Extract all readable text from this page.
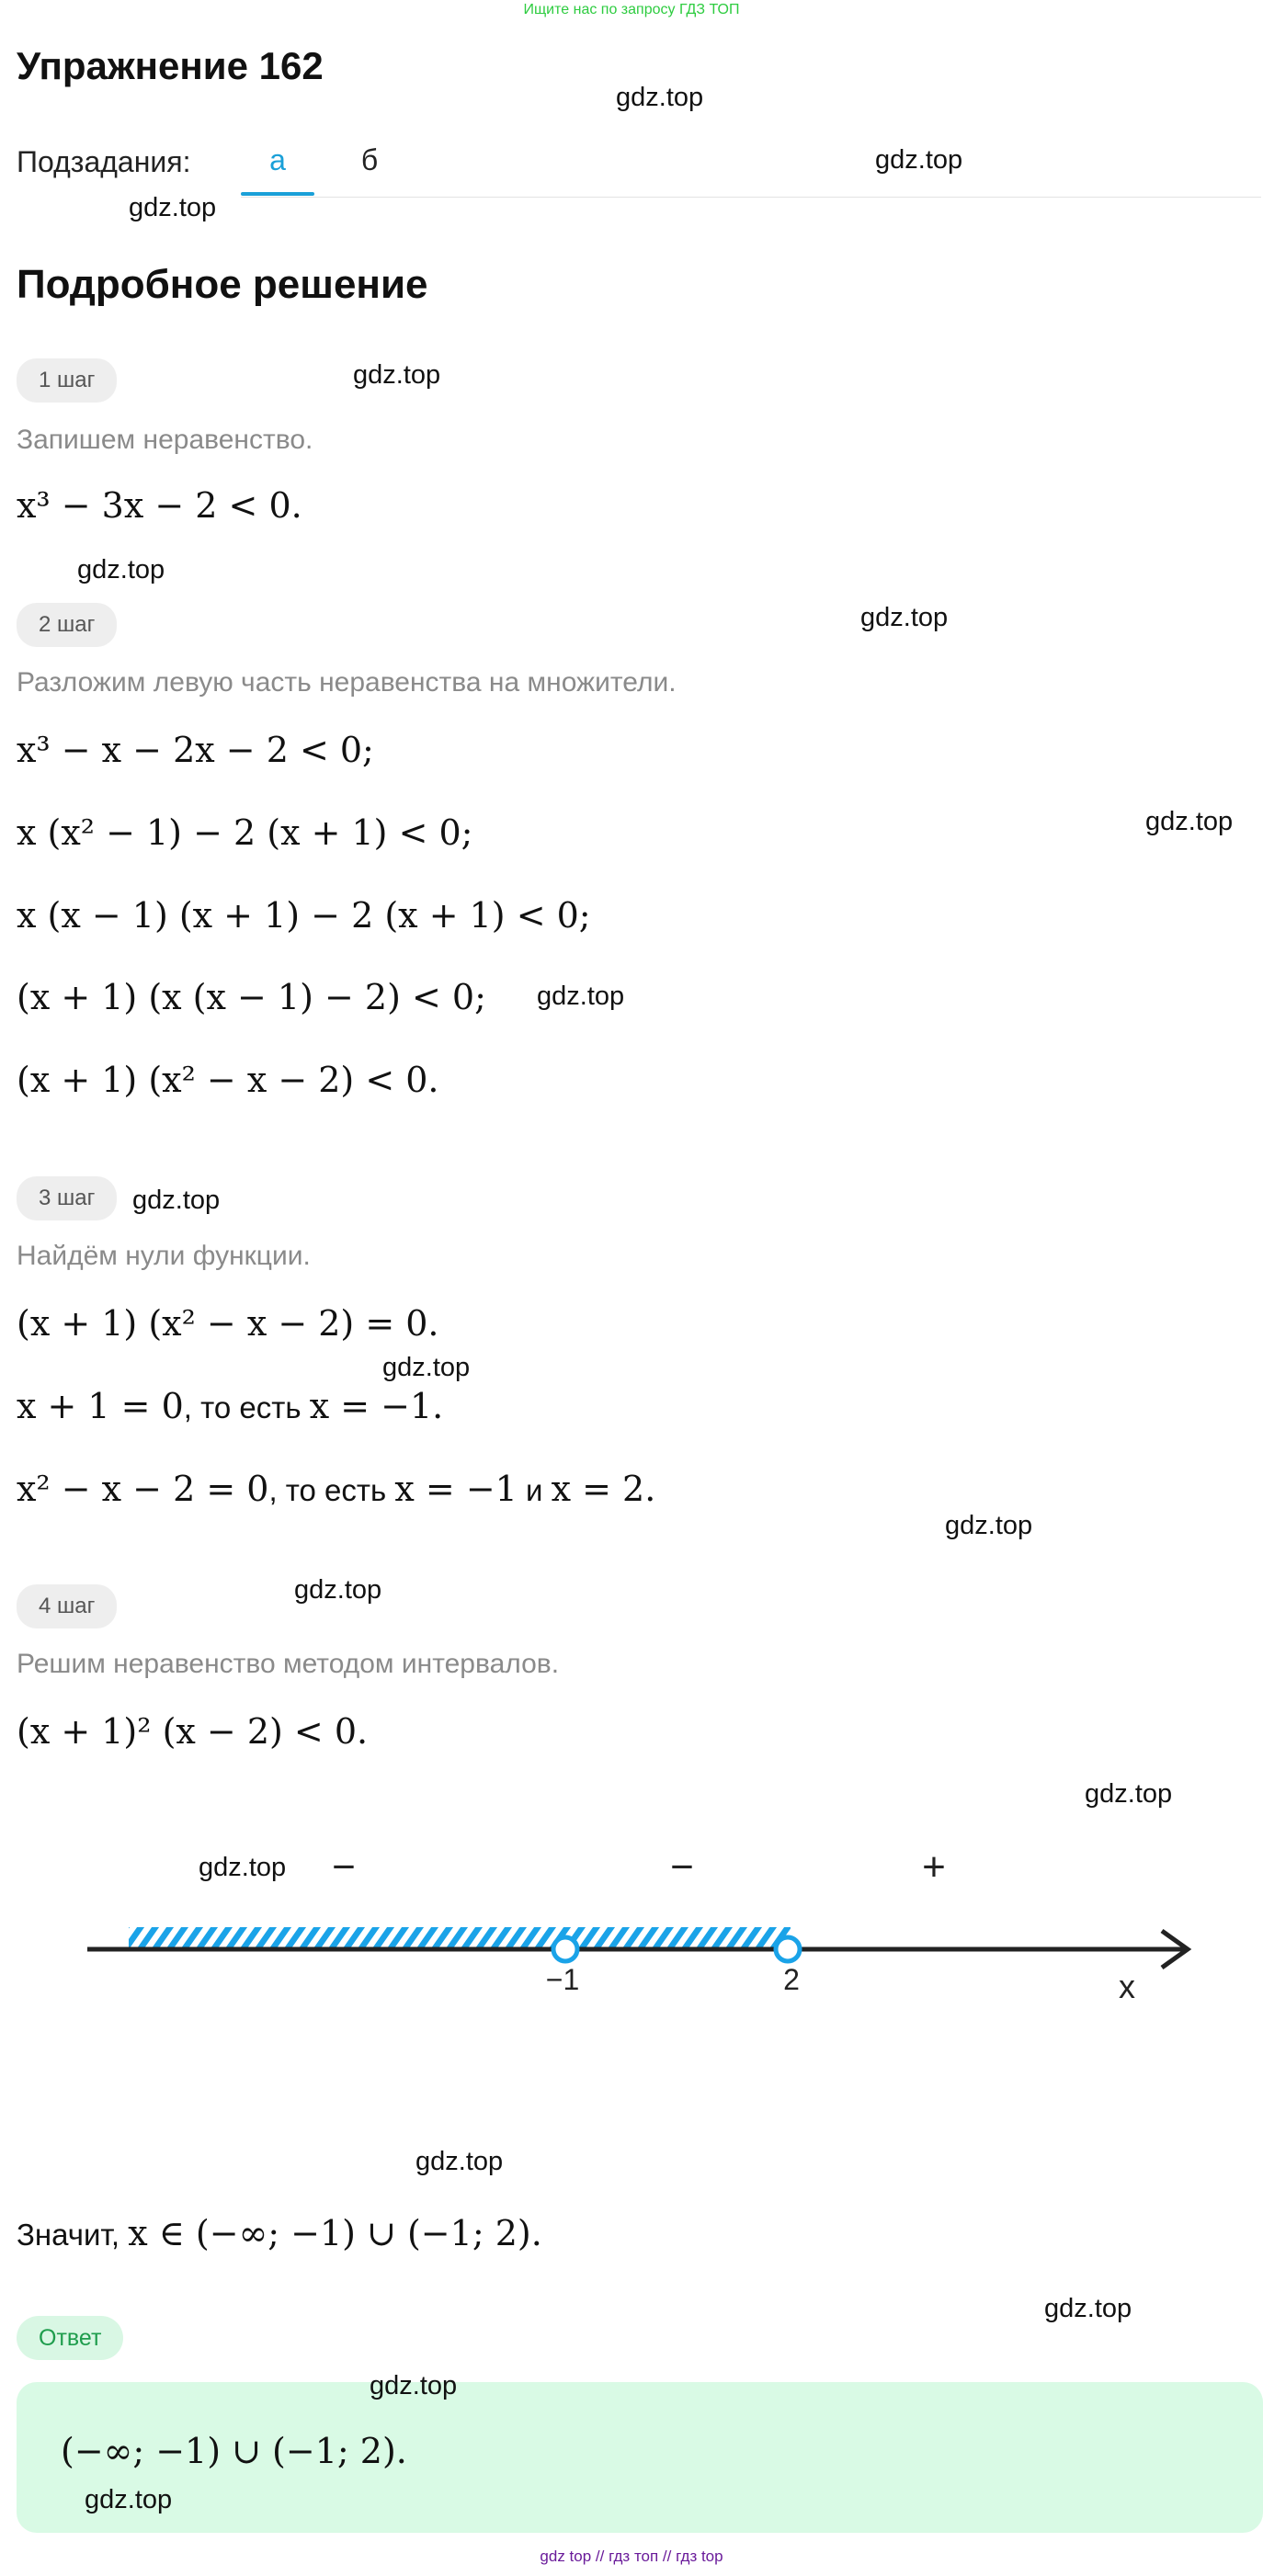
Ищите нас по запросу ГДЗ ТОП
Упражнение 162
Подзадания:	а	б
Подробное решение
1 шаг
Запишем неравенство.
x³ − 3x − 2 < 0.
2 шаг
Разложим левую часть неравенства на множители.
x³ − x − 2x − 2 < 0;
x (x² − 1) − 2 (x + 1) < 0;
x (x − 1) (x + 1) − 2 (x + 1) < 0;
(x + 1) (x (x − 1) − 2) < 0;
(x + 1) (x² − x − 2) < 0.
3 шаг
Найдём нули функции.
(x + 1) (x² − x − 2) = 0.
x + 1 = 0, то есть x = −1.
x² − x − 2 = 0, то есть x = −1 и x = 2.
4 шаг
Решим неравенство методом интервалов.
(x + 1)² (x − 2) < 0.
−	−	+
−1	2	x
Значит, x ∈ (−∞; −1) ∪ (−1; 2).
Ответ
(−∞; −1) ∪ (−1; 2).
gdz.top
gdz.top
gdz.top
gdz.top
gdz.top
gdz.top
gdz.top
gdz.top
gdz.top
gdz.top
gdz.top
gdz.top
gdz.top
gdz.top
gdz.top
gdz.top
gdz.top
gdz.top
gdz top // гдз топ // гдз top
